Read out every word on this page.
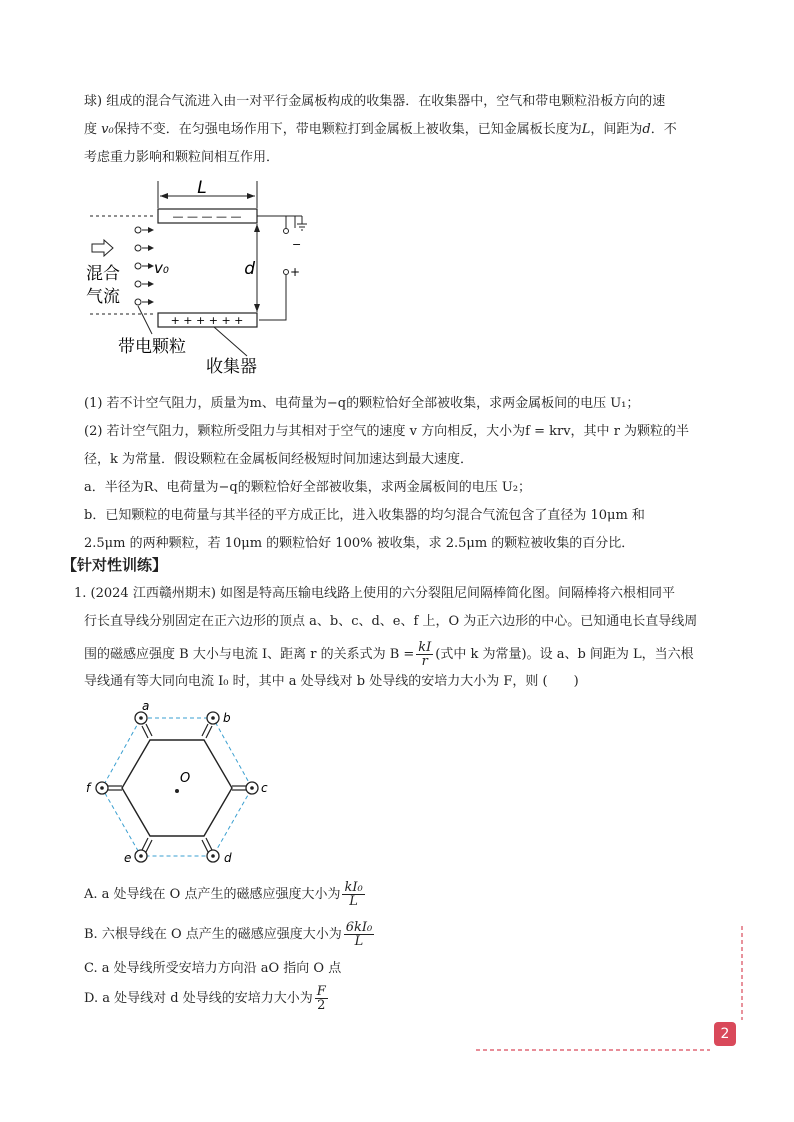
球) 组成的混合气流进入由一对平行金属板构成的收集器．在收集器中，空气和带电颗粒沿板方向的速
度 v₀保持不变．在匀强电场作用下，带电颗粒打到金属板上被收集，已知金属板长度为L，间距为d．不
考虑重力影响和颗粒间相互作用．
L
— — — — —
+ + + + + +
d
−
+
v₀
混合
气流
带电颗粒
收集器
(1) 若不计空气阻力，质量为m、电荷量为−q的颗粒恰好全部被收集，求两金属板间的电压 U₁；
(2) 若计空气阻力，颗粒所受阻力与其相对于空气的速度 v 方向相反，大小为f = krv，其中 r 为颗粒的半
径，k 为常量．假设颗粒在金属板间经极短时间加速达到最大速度．
a．半径为R、电荷量为−q的颗粒恰好全部被收集，求两金属板间的电压 U₂；
b．已知颗粒的电荷量与其半径的平方成正比，进入收集器的均匀混合气流包含了直径为 10μm 和
2.5μm 的两种颗粒，若 10μm 的颗粒恰好 100% 被收集，求 2.5μm 的颗粒被收集的百分比．
【针对性训练】
1. (2024 江西赣州期末) 如图是特高压输电线路上使用的六分裂阻尼间隔棒简化图。间隔棒将六根相同平
行长直导线分别固定在正六边形的顶点 a、b、c、d、e、f 上，O 为正六边形的中心。已知通电长直导线周
围的磁感应强度 B 大小与电流 I、距离 r 的关系式为 $B = \frac{kI}{r}$ (式中 k 为常量)。设 a、b 间距为 L，当六根
导线通有等大同向电流 I₀ 时，其中 a 处导线对 b 处导线的安培力大小为 F，则 (　　)
O
a
b
c
d
e
f
A. a 处导线在 O 点产生的磁感应强度大小为 $\frac{\text{kI₀}}{L}$
B. 六根导线在 O 点产生的磁感应强度大小为 $\frac{\text{6kI₀}}{L}$
C. a 处导线所受安培力方向沿 aO 指向 O 点
D. a 处导线对 d 处导线的安培力大小为 $\frac{F}{2}$
2
